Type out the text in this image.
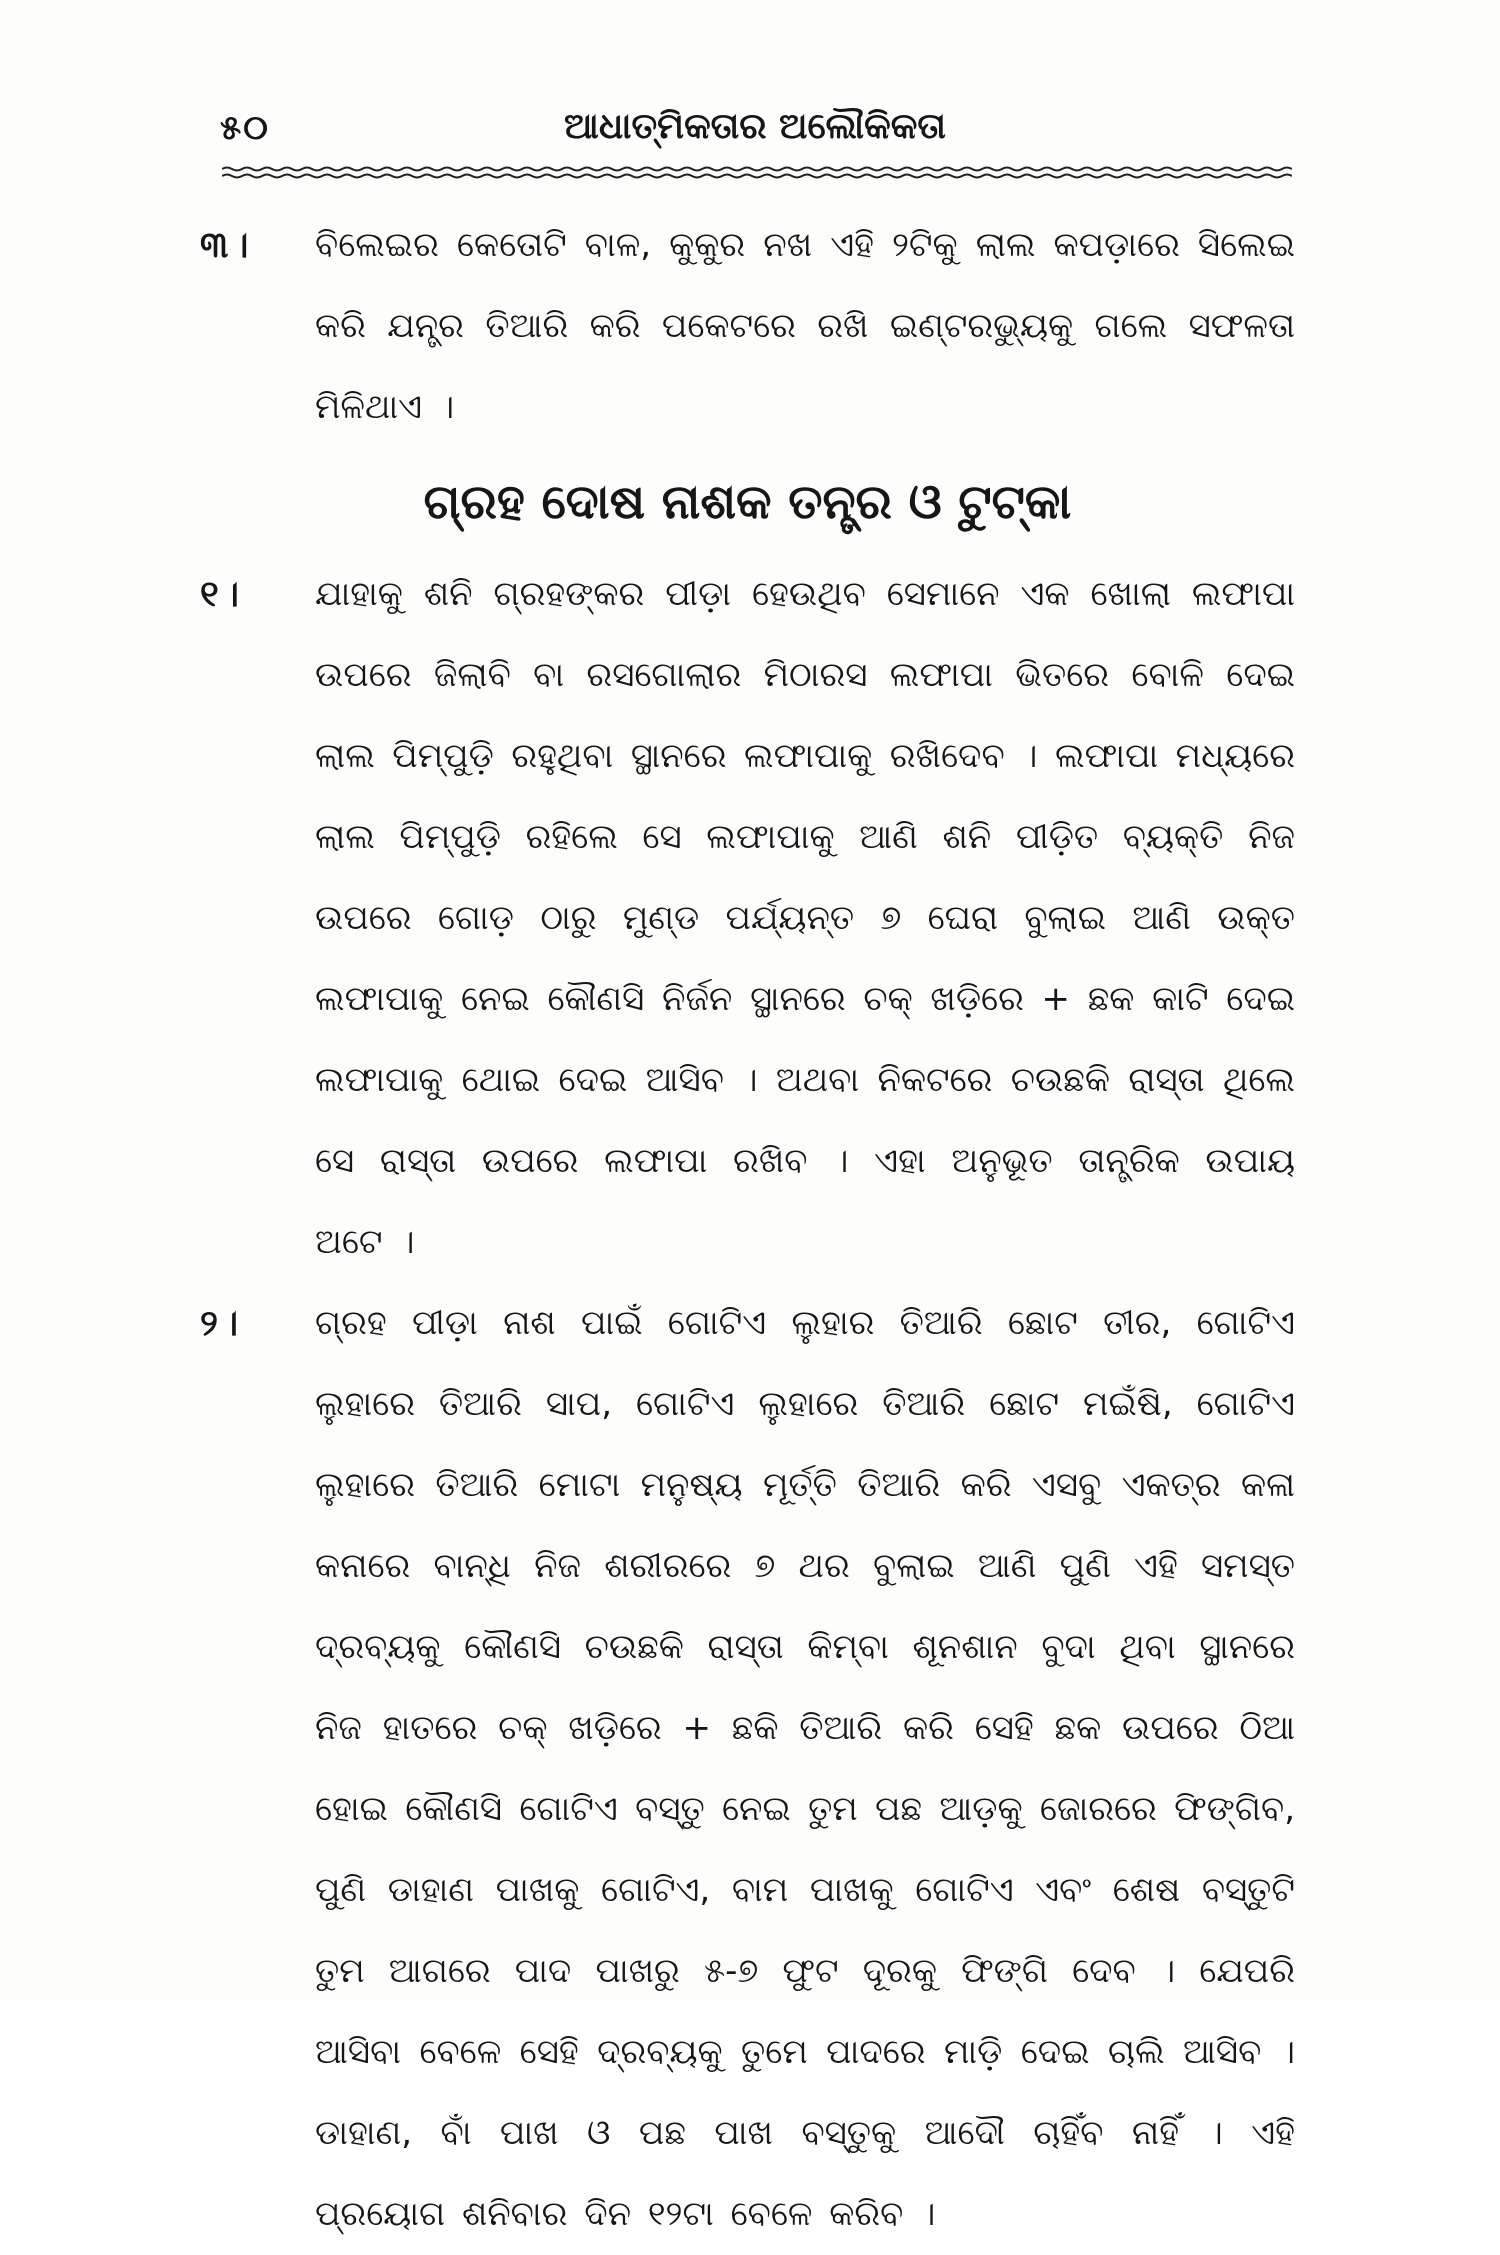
୫୦	ଆଧାତ୍ମିକତାର ଅଲୌକିକତା
୩।	ବିଲେଇର କେତୋଟି ବାଳ, କୁକୁର ନଖ ଏହି ୨ଟିକୁ ଲାଲ କପଡ଼ାରେ ସିଲେଇ କରି ଯନ୍ତ୍ର ତିଆରି କରି ପକେଟରେ ରଖି ଇଣ୍ଟରଭ୍ୟୁକୁ ଗଲେ ସଫଳତା ମିଳିଥାଏ ।
ଗ୍ରହ ଦୋଷ ନାଶକ ତନ୍ତ୍ର ଓ ଟୁଟ୍‌କା
୧।	ଯାହାକୁ ଶନି ଗ୍ରହଙ୍କର ପୀଡ଼ା ହେଉଥିବ ସେମାନେ ଏକ ଖୋଲା ଲଫାପା ଉପରେ ଜିଲାବି ବା ରସଗୋଲାର ମିଠାରସ ଲଫାପା ଭିତରେ ବୋଳି ଦେଇ ଲାଲ ପିମ୍ପୁଡ଼ି ରହୁଥିବା ସ୍ଥାନରେ ଲଫାପାକୁ ରଖିଦେବ । ଲଫାପା ମଧ୍ୟରେ ଲାଲ ପିମ୍ପୁଡ଼ି ରହିଲେ ସେ ଲଫାପାକୁ ଆଣି ଶନି ପୀଡ଼ିତ ବ୍ୟକ୍ତି ନିଜ ଉପରେ ଗୋଡ଼ ଠାରୁ ମୁଣ୍ଡ ପର୍ଯ୍ୟନ୍ତ ୭ ଘେରା ବୁଲାଇ ଆଣି ଉକ୍ତ ଲଫାପାକୁ ନେଇ କୌଣସି ନିର୍ଜନ ସ୍ଥାନରେ ଚକ୍ ଖଡ଼ିରେ + ଛକ କାଟି ଦେଇ ଲଫାପାକୁ ଥୋଇ ଦେଇ ଆସିବ । ଅଥବା ନିକଟରେ ଚଉଛକି ରାସ୍ତା ଥିଲେ ସେ ରାସ୍ତା ଉପରେ ଲଫାପା ରଖିବ । ଏହା ଅନୁଭୂତ ତାନ୍ତ୍ରିକ ଉପାୟ ଅଟେ ।
୨।	ଗ୍ରହ ପୀଡ଼ା ନାଶ ପାଇଁ ଗୋଟିଏ ଲୁହାର ତିଆରି ଛୋଟ ତୀର, ଗୋଟିଏ ଲୁହାରେ ତିଆରି ସାପ, ଗୋଟିଏ ଲୁହାରେ ତିଆରି ଛୋଟ ମଇଁଷି, ଗୋଟିଏ ଲୁହାରେ ତିଆରି ମୋଟା ମନୁଷ୍ୟ ମୂର୍ତ୍ତି ତିଆରି କରି ଏସବୁ ଏକତ୍ର କଳା କନାରେ ବାନ୍ଧି ନିଜ ଶରୀରରେ ୭ ଥର ବୁଲାଇ ଆଣି ପୁଣି ଏହି ସମସ୍ତ ଦ୍ରବ୍ୟକୁ କୌଣସି ଚଉଛକି ରାସ୍ତା କିମ୍ବା ଶୂନଶାନ ବୁଦା ଥିବା ସ୍ଥାନରେ ନିଜ ହାତରେ ଚକ୍ ଖଡ଼ିରେ + ଛକି ତିଆରି କରି ସେହି ଛକ ଉପରେ ଠିଆ ହୋଇ କୌଣସି ଗୋଟିଏ ବସ୍ତୁ ନେଇ ତୁମ ପଛ ଆଡ଼କୁ ଜୋରରେ ଫିଙ୍ଗିବ, ପୁଣି ଡାହାଣ ପାଖକୁ ଗୋଟିଏ, ବାମ ପାଖକୁ ଗୋଟିଏ ଏବଂ ଶେଷ ବସ୍ତୁଟି ତୁମ ଆଗରେ ପାଦ ପାଖରୁ ୫-୭ ଫୁଟ ଦୂରକୁ ଫିଙ୍ଗି ଦେବ । ଯେପରି ଆସିବା ବେଳେ ସେହି ଦ୍ରବ୍ୟକୁ ତୁମେ ପାଦରେ ମାଡ଼ି ଦେଇ ଚାଲି ଆସିବ । ଡାହାଣ, ବାଁ ପାଖ ଓ ପଛ ପାଖ ବସ୍ତୁକୁ ଆଦୌ ଚାହିଁବ ନାହିଁ । ଏହି ପ୍ରୟୋଗ ଶନିବାର ଦିନ ୧୨ଟା ବେଳେ କରିବ ।
